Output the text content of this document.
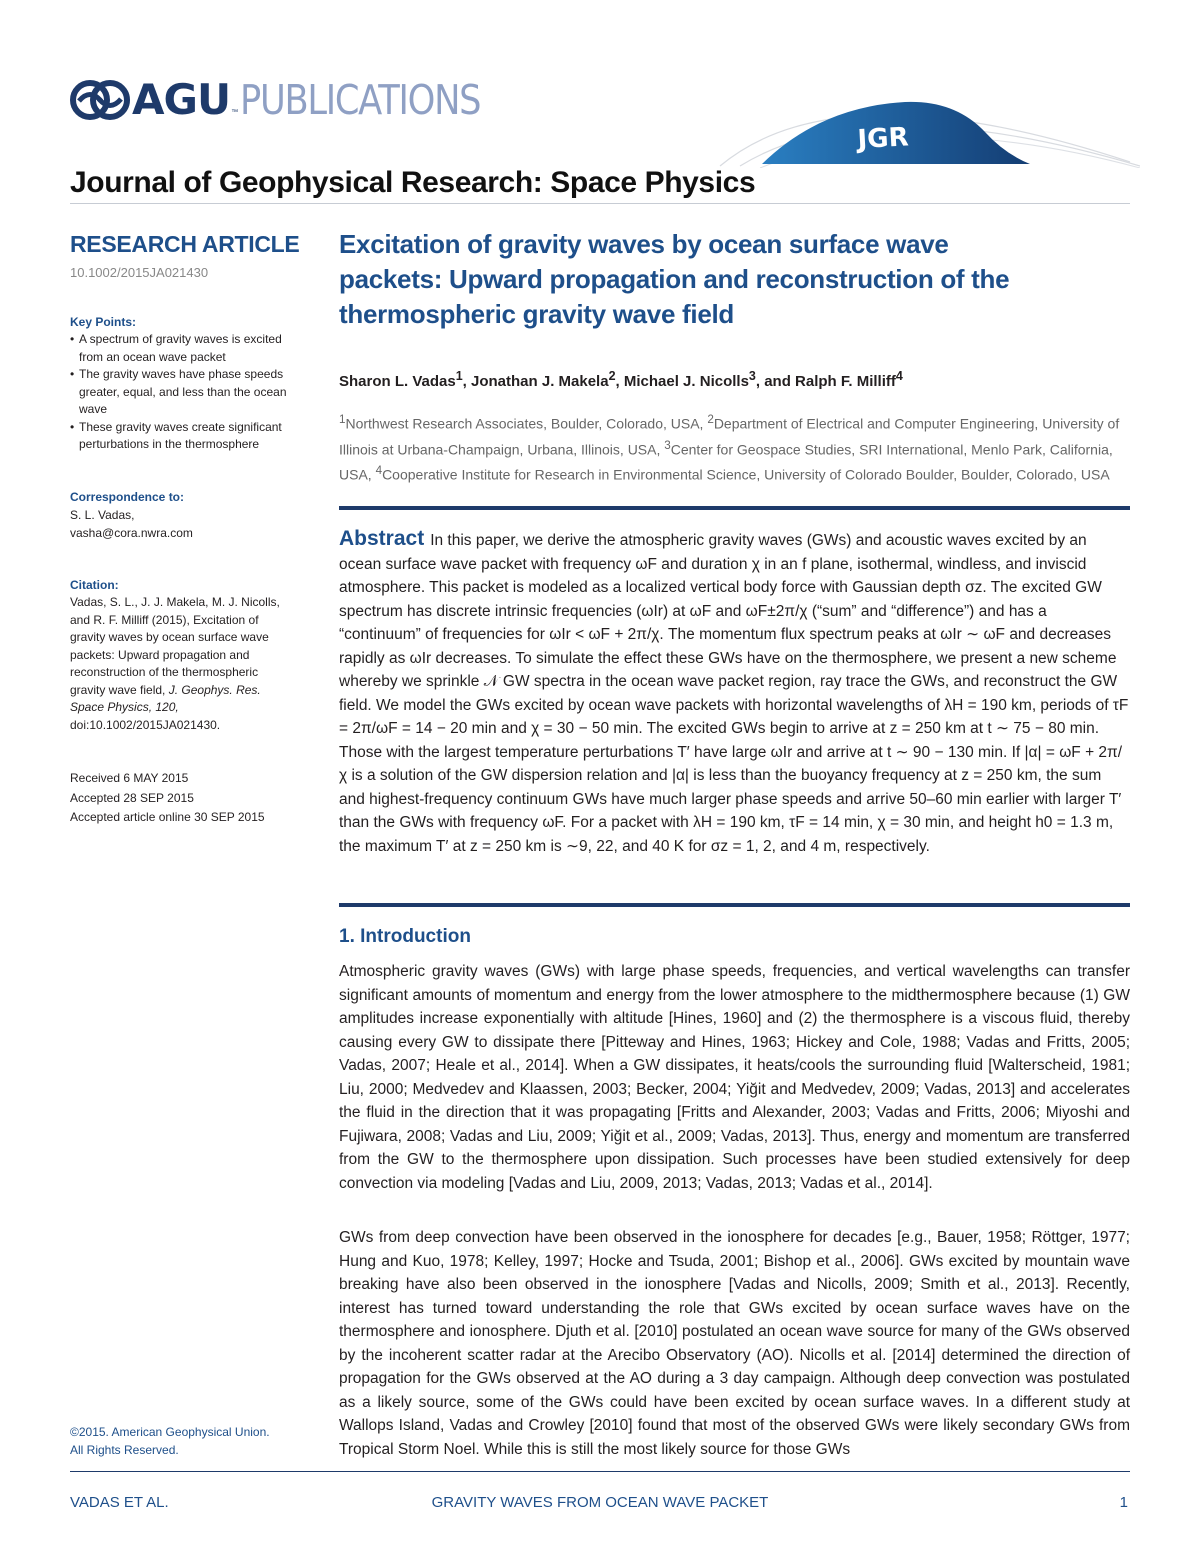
AGU ™ PUBLICATIONS
JGR
Journal of Geophysical Research: Space Physics
RESEARCH ARTICLE
10.1002/2015JA021430
Key Points:
• A spectrum of gravity waves is excited from an ocean wave packet
• The gravity waves have phase speeds greater, equal, and less than the ocean wave
• These gravity waves create significant perturbations in the thermosphere
Correspondence to:
S. L. Vadas,
vasha@cora.nwra.com
Citation:
Vadas, S. L., J. J. Makela, M. J. Nicolls, and R. F. Milliff (2015), Excitation of gravity waves by ocean surface wave packets: Upward propagation and reconstruction of the thermospheric gravity wave field, J. Geophys. Res. Space Physics, 120, doi:10.1002/2015JA021430.
Received 6 MAY 2015
Accepted 28 SEP 2015
Accepted article online 30 SEP 2015
©2015. American Geophysical Union.
All Rights Reserved.
Excitation of gravity waves by ocean surface wave packets: Upward propagation and reconstruction of the thermospheric gravity wave field
Sharon L. Vadas$^1$, Jonathan J. Makela$^2$, Michael J. Nicolls$^3$, and Ralph F. Milliff$^4$
$^1$Northwest Research Associates, Boulder, Colorado, USA, $^2$Department of Electrical and Computer Engineering, University of Illinois at Urbana-Champaign, Urbana, Illinois, USA, $^3$Center for Geospace Studies, SRI International, Menlo Park, California, USA, $^4$Cooperative Institute for Research in Environmental Science, University of Colorado Boulder, Boulder, Colorado, USA
Abstract In this paper, we derive the atmospheric gravity waves (GWs) and acoustic waves excited by an ocean surface wave packet with frequency ωF and duration χ in an f plane, isothermal, windless, and inviscid atmosphere. This packet is modeled as a localized vertical body force with Gaussian depth σz. The excited GW spectrum has discrete intrinsic frequencies (ωIr) at ωF and ωF±2π/χ (“sum” and “difference”) and has a “continuum” of frequencies for ωIr < ωF + 2π/χ. The momentum flux spectrum peaks at ωIr ∼ ωF and decreases rapidly as ωIr decreases. To simulate the effect these GWs have on the thermosphere, we present a new scheme whereby we sprinkle 𝒩 GW spectra in the ocean wave packet region, ray trace the GWs, and reconstruct the GW field. We model the GWs excited by ocean wave packets with horizontal wavelengths of λH = 190 km, periods of τF = 2π/ωF = 14 − 20 min and χ = 30 − 50 min. The excited GWs begin to arrive at z = 250 km at t ∼ 75 − 80 min. Those with the largest temperature perturbations T′ have large ωIr and arrive at t ∼ 90 − 130 min. If |α| = ωF + 2π/χ is a solution of the GW dispersion relation and |α| is less than the buoyancy frequency at z = 250 km, the sum and highest-frequency continuum GWs have much larger phase speeds and arrive 50–60 min earlier with larger T′ than the GWs with frequency ωF. For a packet with λH = 190 km, τF = 14 min, χ = 30 min, and height h0 = 1.3 m, the maximum T′ at z = 250 km is ∼9, 22, and 40 K for σz = 1, 2, and 4 m, respectively.
1. Introduction

Atmospheric gravity waves (GWs) with large phase speeds, frequencies, and vertical wavelengths can transfer significant amounts of momentum and energy from the lower atmosphere to the midthermosphere because (1) GW amplitudes increase exponentially with altitude [Hines, 1960] and (2) the thermosphere is a viscous fluid, thereby causing every GW to dissipate there [Pitteway and Hines, 1963; Hickey and Cole, 1988; Vadas and Fritts, 2005; Vadas, 2007; Heale et al., 2014]. When a GW dissipates, it heats/cools the surrounding fluid [Walterscheid, 1981; Liu, 2000; Medvedev and Klaassen, 2003; Becker, 2004; Yiğit and Medvedev, 2009; Vadas, 2013] and accelerates the fluid in the direction that it was propagating [Fritts and Alexander, 2003; Vadas and Fritts, 2006; Miyoshi and Fujiwara, 2008; Vadas and Liu, 2009; Yiğit et al., 2009; Vadas, 2013]. Thus, energy and momentum are transferred from the GW to the thermosphere upon dissipation. Such processes have been studied extensively for deep convection via modeling [Vadas and Liu, 2009, 2013; Vadas, 2013; Vadas et al., 2014].

GWs from deep convection have been observed in the ionosphere for decades [e.g., Bauer, 1958; Röttger, 1977; Hung and Kuo, 1978; Kelley, 1997; Hocke and Tsuda, 2001; Bishop et al., 2006]. GWs excited by mountain wave breaking have also been observed in the ionosphere [Vadas and Nicolls, 2009; Smith et al., 2013]. Recently, interest has turned toward understanding the role that GWs excited by ocean surface waves have on the thermosphere and ionosphere. Djuth et al. [2010] postulated an ocean wave source for many of the GWs observed by the incoherent scatter radar at the Arecibo Observatory (AO). Nicolls et al. [2014] determined the direction of propagation for the GWs observed at the AO during a 3 day campaign. Although deep convection was postulated as a likely source, some of the GWs could have been excited by ocean surface waves. In a different study at Wallops Island, Vadas and Crowley [2010] found that most of the observed GWs were likely secondary GWs from Tropical Storm Noel. While this is still the most likely source for those GWs

VADAS ET AL.	GRAVITY WAVES FROM OCEAN WAVE PACKET	1
